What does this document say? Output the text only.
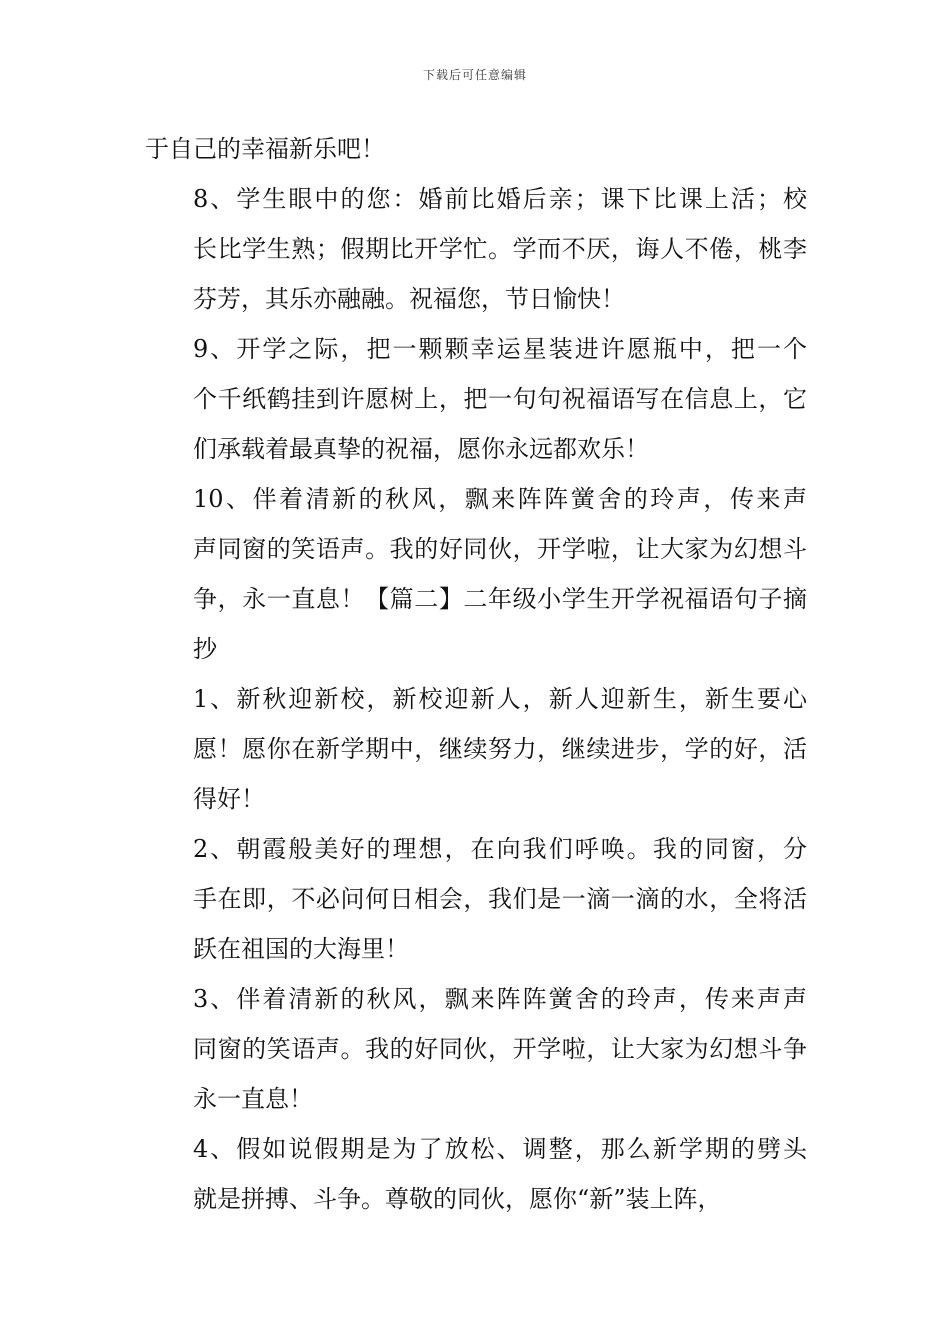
下载后可任意编辑

于自己的幸福新乐吧！

8、学生眼中的您：婚前比婚后亲；课下比课上活；校
长比学生熟；假期比开学忙。学而不厌，诲人不倦，桃李
芬芳，其乐亦融融。祝福您，节日愉快！

9、开学之际，把一颗颗幸运星装进许愿瓶中，把一个
个千纸鹤挂到许愿树上，把一句句祝福语写在信息上，它
们承载着最真挚的祝福，愿你永远都欢乐！

10、伴着清新的秋风，飘来阵阵黉舍的玲声，传来声
声同窗的笑语声。我的好同伙，开学啦，让大家为幻想斗
争，永一直息！【篇二】二年级小学生开学祝福语句子摘
抄

1、新秋迎新校，新校迎新人，新人迎新生，新生要心
愿！愿你在新学期中，继续努力，继续进步，学的好，活
得好！

2、朝霞般美好的理想，在向我们呼唤。我的同窗，分
手在即，不必问何日相会，我们是一滴一滴的水，全将活
跃在祖国的大海里！

3、伴着清新的秋风，飘来阵阵黉舍的玲声，传来声声
同窗的笑语声。我的好同伙，开学啦，让大家为幻想斗争
永一直息！

4、假如说假期是为了放松、调整，那么新学期的劈头
就是拼搏、斗争。尊敬的同伙，愿你“新”装上阵，
